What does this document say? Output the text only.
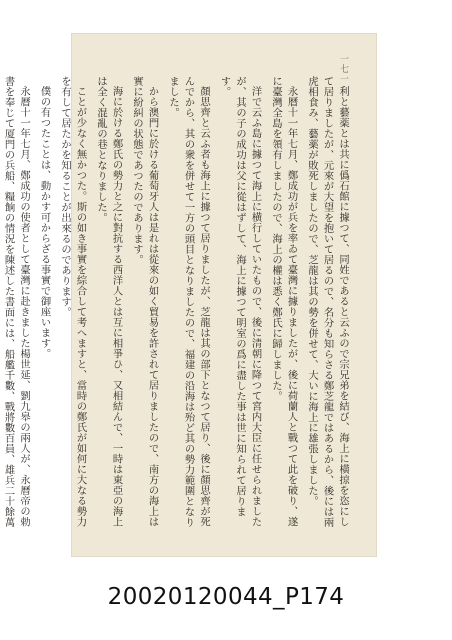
一七一

利と藝薬とは共に僞石館に據つて、同姓であると云ふので宗兄弟を結び、海上に橫掠を恣にして居りましたが、元來が大望を抱いて居るので、名分も知らさる鄭芝龍ではあるから、後には兩虎相食み、藝薬が敗死しましたので、芝龍は其の勢を併せて、大いに海上に雄張しました。

永曆十一年七月、鄭成功が兵を率ゐて臺灣に據りましたが、後に荷蘭人と戰つて此を破り、遂に臺灣全島を領有しましたので、海上の權は悉く鄭氏に歸しました。

洋で云ふ島に據つて海上に横行していたもので、後に清朝に降つて宮内大臣に任せられましたが、其の子の成功は父に從はずして、海上に據つて明室の爲に盡した事は世に知られて居ります。

顏思齊と云ふ者も海上に據つて居りましたが、芝龍は其の部下となつて居り、後に顏思齊が死んでから、其の衆を併せて一方の頭目となりましたので、福建の沿海は殆ど其の勢力範圍となりました。

から澳門に於ける葡萄牙人は是れは從來の如く貿易を許されて居りましたので、南方の海上は實に紛糾の状態であつたのであります。

海に於ける鄭氏の勢力と之に對抗する西洋人とは互に相爭ひ、又相結んで、一時は東亞の海上は全く混亂の巷となりました。

ことが少なく無かつた。斯の如き事實を綜合して考へますと、當時の鄭氏が如何に大なる勢力を有して居たかを知ることが出來るのであります。

僕の有つたことは、動かす可からざる事實で御座います。

永曆十一年七月、鄭成功の使者として臺灣に赴きました楊世延、劉九皋の兩人が、永曆帝の勅書を奉じて厦門の兵船、糧餉の情況を陳述した書面には、船艦千數、戰將數百員、雄兵二十餘萬

20020120044_P174
